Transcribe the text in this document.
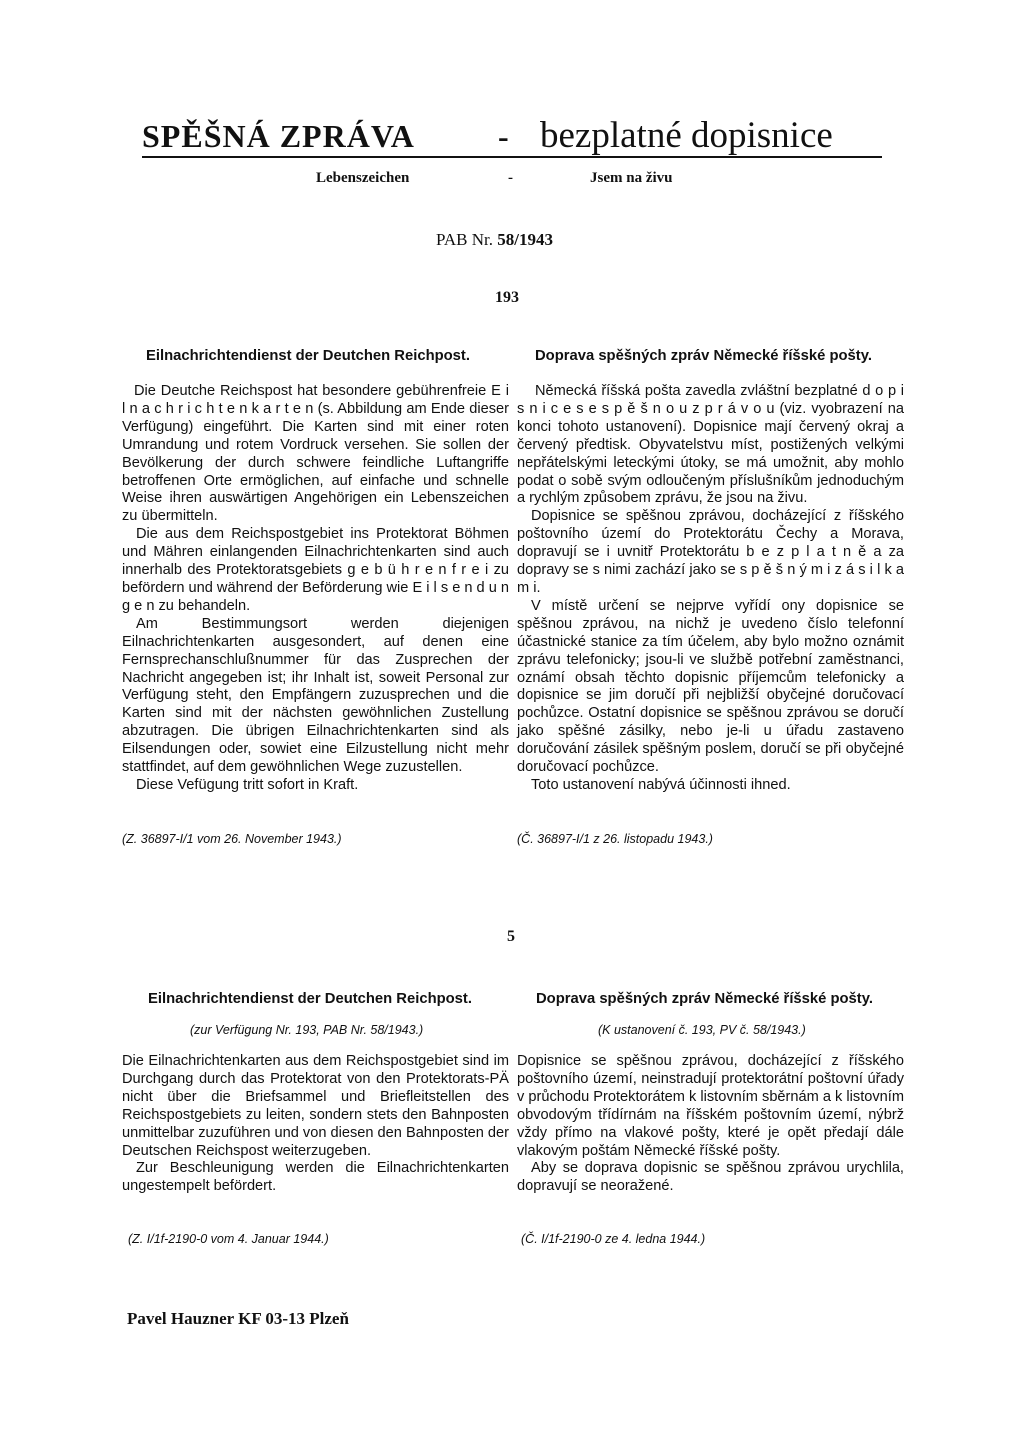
SPĚŠNÁ ZPRÁVA	- bezplatné dopisnice
Lebenszeichen	-	Jsem na živu
PAB Nr. 58/1943
193
Eilnachrichtendienst der Deutchen Reichpost.	Doprava spěšných zpráv Německé říšské pošty.

Die Deutche Reichspost hat besondere gebührenfreie E i l n a c h r i c h t e n k a r t e n (s. Abbildung am Ende dieser Verfügung) eingeführt. Die Karten sind mit einer roten Umrandung und rotem Vordruck versehen. Sie sollen der Bevölkerung der durch schwere feindliche Luftangriffe betroffenen Orte ermöglichen, auf einfache und schnelle Weise ihren auswärtigen Angehörigen ein Lebenszeichen zu übermitteln.

Die aus dem Reichspostgebiet ins Protektorat Böhmen und Mähren einlangenden Eilnachrichtenkarten sind auch innerhalb des Protektoratsgebiets g e b ü h r e n f r e i zu befördern und während der Beförderung wie E i l s e n d u n g e n zu behandeln.

Am Bestimmungsort werden diejenigen Eilnachrichtenkarten ausgesondert, auf denen eine Fernsprechanschlußnummer für das Zusprechen der Nachricht angegeben ist; ihr Inhalt ist, soweit Personal zur Verfügung steht, den Empfängern zuzusprechen und die Karten sind mit der nächsten gewöhnlichen Zustellung abzutragen. Die übrigen Eilnachrichtenkarten sind als Eilsendungen oder, sowiet eine Eilzustellung nicht mehr stattfindet, auf dem gewöhnlichen Wege zuzustellen.

Diese Vefügung tritt sofort in Kraft.

Německá říšská pošta zavedla zvláštní bezplatné d o p i s n i c e s e s p ě š n o u z p r á v o u (viz. vyobrazení na konci tohoto ustanovení). Dopisnice mají červený okraj a červený předtisk. Obyvatelstvu míst, postižených velkými nepřátelskými leteckými útoky, se má umožnit, aby mohlo podat o sobě svým odloučeným příslušníkům jednoduchým a rychlým způsobem zprávu, že jsou na živu.

Dopisnice se spěšnou zprávou, docházející z říšského poštovního území do Protektorátu Čechy a Morava, dopravují se i uvnitř Protektorátu b e z p l a t n ě a za dopravy se s nimi zachází jako se s p ě š n ý m i z á s i l k a m i.

V místě určení se nejprve vyřídí ony dopisnice se spěšnou zprávou, na nichž je uvedeno číslo telefonní účastnické stanice za tím účelem, aby bylo možno oznámit zprávu telefonicky; jsou-li ve službě potřební zaměstnanci, oznámí obsah těchto dopisnic příjemcům telefonicky a dopisnice se jim doručí při nejbližší obyčejné doručovací pochůzce. Ostatní dopisnice se spěšnou zprávou se doručí jako spěšné zásilky, nebo je-li u úřadu zastaveno doručování zásilek spěšným poslem, doručí se při obyčejné doručovací pochůzce.

Toto ustanovení nabývá účinnosti ihned.

(Z. 36897-I/1 vom 26. November 1943.)	(Č. 36897-I/1 z 26. listopadu 1943.)
5
Eilnachrichtendienst der Deutchen Reichpost.	Doprava spěšných zpráv Německé říšské pošty.
(zur Verfügung Nr. 193, PAB Nr. 58/1943.)	(K ustanovení č. 193, PV č. 58/1943.)

Die Eilnachrichtenkarten aus dem Reichspostgebiet sind im Durchgang durch das Protektorat von den Protektorats-PÄ nicht über die Briefsammel und Briefleitstellen des Reichspostgebiets zu leiten, sondern stets den Bahnposten unmittelbar zuzuführen und von diesen den Bahnposten der Deutschen Reichspost weiterzugeben.

Zur Beschleunigung werden die Eilnachrichtenkarten ungestempelt befördert.

Dopisnice se spěšnou zprávou, docházející z říšského poštovního území, neinstradují protektorátní poštovní úřady v průchodu Protektorátem k listovním sběrnám a k listovním obvodovým třídírnám na říšském poštovním území, nýbrž vždy přímo na vlakové pošty, které je opět předají dále vlakovým poštám Německé říšské pošty.

Aby se doprava dopisnic se spěšnou zprávou urychlila, dopravují se neoražené.

(Z. I/1f-2190-0 vom 4. Januar 1944.)	(Č. I/1f-2190-0 ze 4. ledna 1944.)
Pavel Hauzner KF 03-13 Plzeň
